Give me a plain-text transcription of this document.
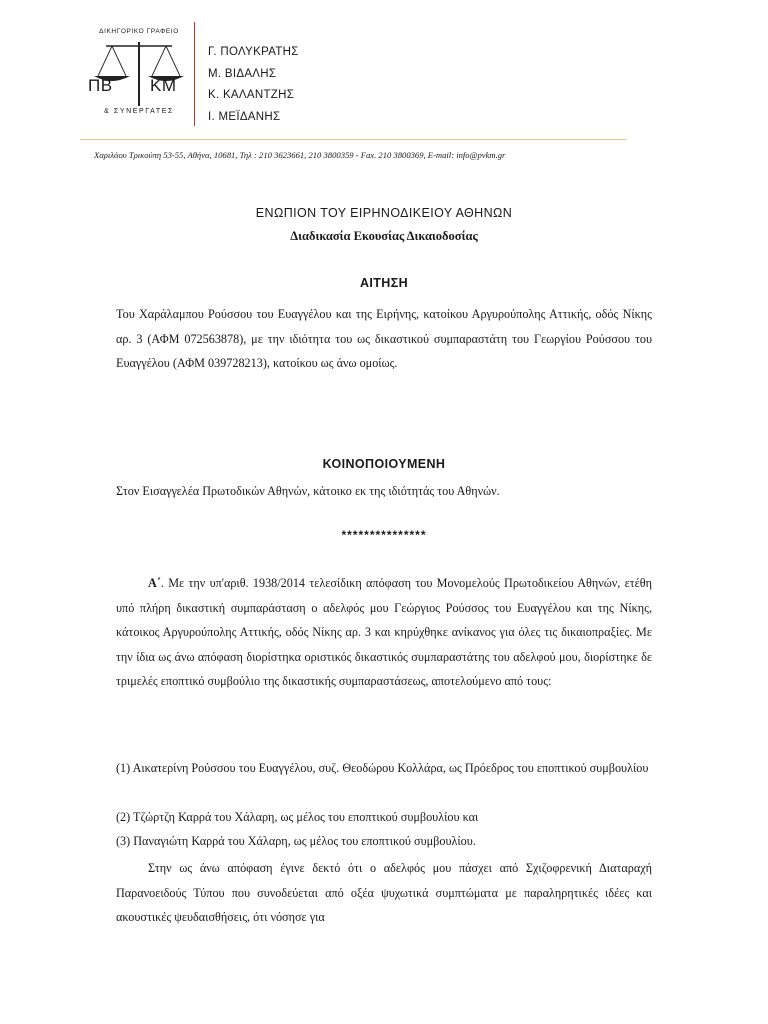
ΔΙΚΗΓΟΡΙΚΟ ΓΡΑΦΕΙΟ
ΠΒ ΚΜ
& ΣΥΝΕΡΓΑΤΕΣ
Γ. ΠΟΛΥΚΡΑΤΗΣ
Μ. ΒΙΔΑΛΗΣ
Κ. ΚΑΛΑΝΤΖΗΣ
Ι. ΜΕΪΔΑΝΗΣ
Χαριλάου Τρικούπη 53-55, Αθήνα, 10681, Τηλ : 210 3623661, 210 3800359 - Fax. 210 3800369, E-mail: info@pvkm.gr
ΕΝΩΠΙΟΝ ΤΟΥ ΕΙΡΗΝΟΔΙΚΕΙΟΥ ΑΘΗΝΩΝ
Διαδικασία Εκουσίας Δικαιοδοσίας
ΑΙΤΗΣΗ
Του Χαράλαμπου Ρούσσου του Ευαγγέλου και της Ειρήνης, κατοίκου Αργυρούπολης Αττικής, οδός Νίκης αρ. 3 (ΑΦΜ 072563878), με την ιδιότητα του ως δικαστικού συμπαραστάτη του Γεωργίου Ρούσσου του Ευαγγέλου (ΑΦΜ 039728213), κατοίκου ως άνω ομοίως.
ΚΟΙΝΟΠΟΙΟΥΜΕΝΗ
Στον Εισαγγελέα Πρωτοδικών Αθηνών, κάτοικο εκ της ιδιότητάς του Αθηνών.
***************
Α΄. Με την υπ'αριθ. 1938/2014 τελεσίδικη απόφαση του Μονομελούς Πρωτοδικείου Αθηνών, ετέθη υπό πλήρη δικαστική συμπαράσταση ο αδελφός μου Γεώργιος Ρούσσος του Ευαγγέλου και της Νίκης, κάτοικος Αργυρούπολης Αττικής, οδός Νίκης αρ. 3 και κηρύχθηκε ανίκανος για όλες τις δικαιοπραξίες. Με την ίδια ως άνω απόφαση διορίστηκα οριστικός δικαστικός συμπαραστάτης του αδελφού μου, διορίστηκε δε τριμελές εποπτικό συμβούλιο της δικαστικής συμπαραστάσεως, αποτελούμενο από τους:
(1) Αικατερίνη Ρούσσου του Ευαγγέλου, συζ. Θεοδώρου Κολλάρα, ως Πρόεδρος του εποπτικού συμβουλίου
(2) Τζώρτζη Καρρά του Χάλαρη, ως μέλος του εποπτικού συμβουλίου και
(3) Παναγιώτη Καρρά του Χάλαρη, ως μέλος του εποπτικού συμβουλίου.
Στην ως άνω απόφαση έγινε δεκτό ότι ο αδελφός μου πάσχει από Σχιζοφρενική Διαταραχή Παρανοειδούς Τύπου που συνοδεύεται από οξέα ψυχωτικά συμπτώματα με παραληρητικές ιδέες και ακουστικές ψευδαισθήσεις, ότι νόσησε για
